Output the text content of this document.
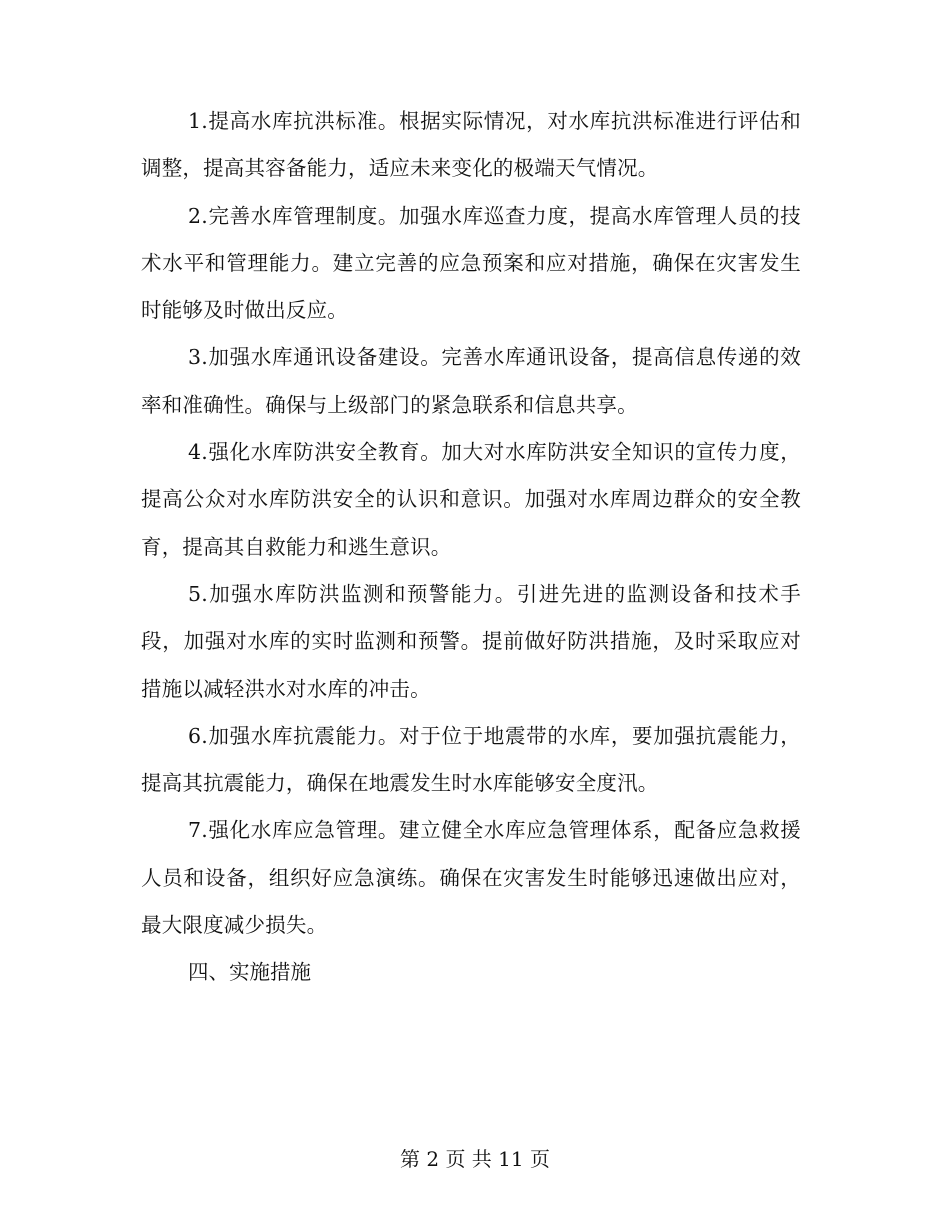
1.提高水库抗洪标准。根据实际情况，对水库抗洪标准进行评估和调整，提高其容备能力，适应未来变化的极端天气情况。

2.完善水库管理制度。加强水库巡查力度，提高水库管理人员的技术水平和管理能力。建立完善的应急预案和应对措施，确保在灾害发生时能够及时做出反应。

3.加强水库通讯设备建设。完善水库通讯设备，提高信息传递的效率和准确性。确保与上级部门的紧急联系和信息共享。

4.强化水库防洪安全教育。加大对水库防洪安全知识的宣传力度，提高公众对水库防洪安全的认识和意识。加强对水库周边群众的安全教育，提高其自救能力和逃生意识。

5.加强水库防洪监测和预警能力。引进先进的监测设备和技术手段，加强对水库的实时监测和预警。提前做好防洪措施，及时采取应对措施以减轻洪水对水库的冲击。

6.加强水库抗震能力。对于位于地震带的水库，要加强抗震能力，提高其抗震能力，确保在地震发生时水库能够安全度汛。

7.强化水库应急管理。建立健全水库应急管理体系，配备应急救援人员和设备，组织好应急演练。确保在灾害发生时能够迅速做出应对，最大限度减少损失。

四、实施措施

第 2 页 共 11 页
